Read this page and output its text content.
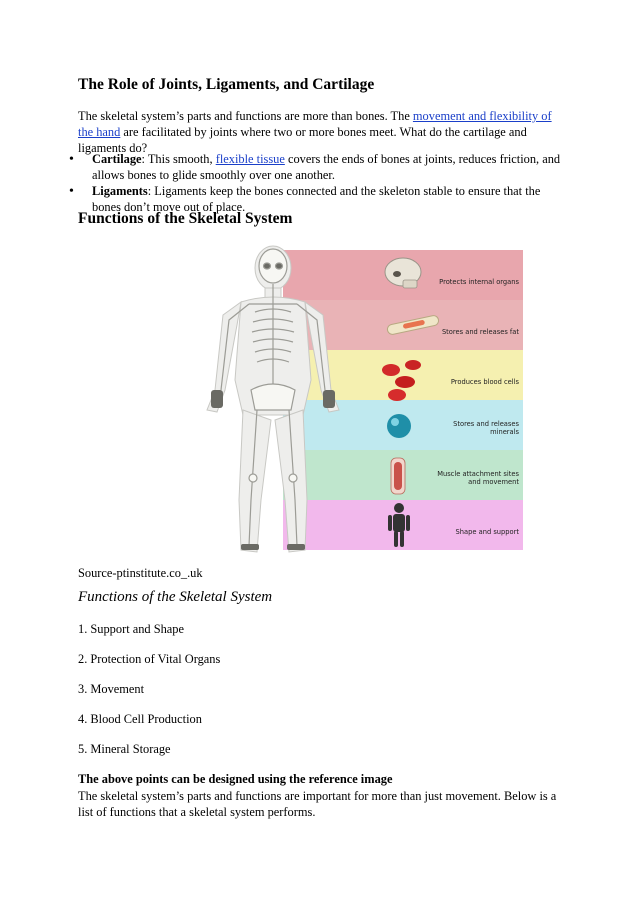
The Role of Joints, Ligaments, and Cartilage

The skeletal system’s parts and functions are more than bones. The movement and flexibility of the hand are facilitated by joints where two or more bones meet. What do the cartilage and ligaments do?

• Cartilage: This smooth, flexible tissue covers the ends of bones at joints, reduces friction, and allows bones to glide smoothly over one another.
• Ligaments: Ligaments keep the bones connected and the skeleton stable to ensure that the bones don’t move out of place.
Functions of the Skeletal System
Protects internal organs
Stores and releases fat
Produces blood cells
Stores and releases minerals
Muscle attachment sites and movement
Shape and support

Source-ptinstitute.co_.uk

Functions of the Skeletal System

1. Support and Shape

2. Protection of Vital Organs

3. Movement

4. Blood Cell Production

5. Mineral Storage

The above points can be designed using the reference image

The skeletal system’s parts and functions are important for more than just movement. Below is a list of functions that a skeletal system performs.
